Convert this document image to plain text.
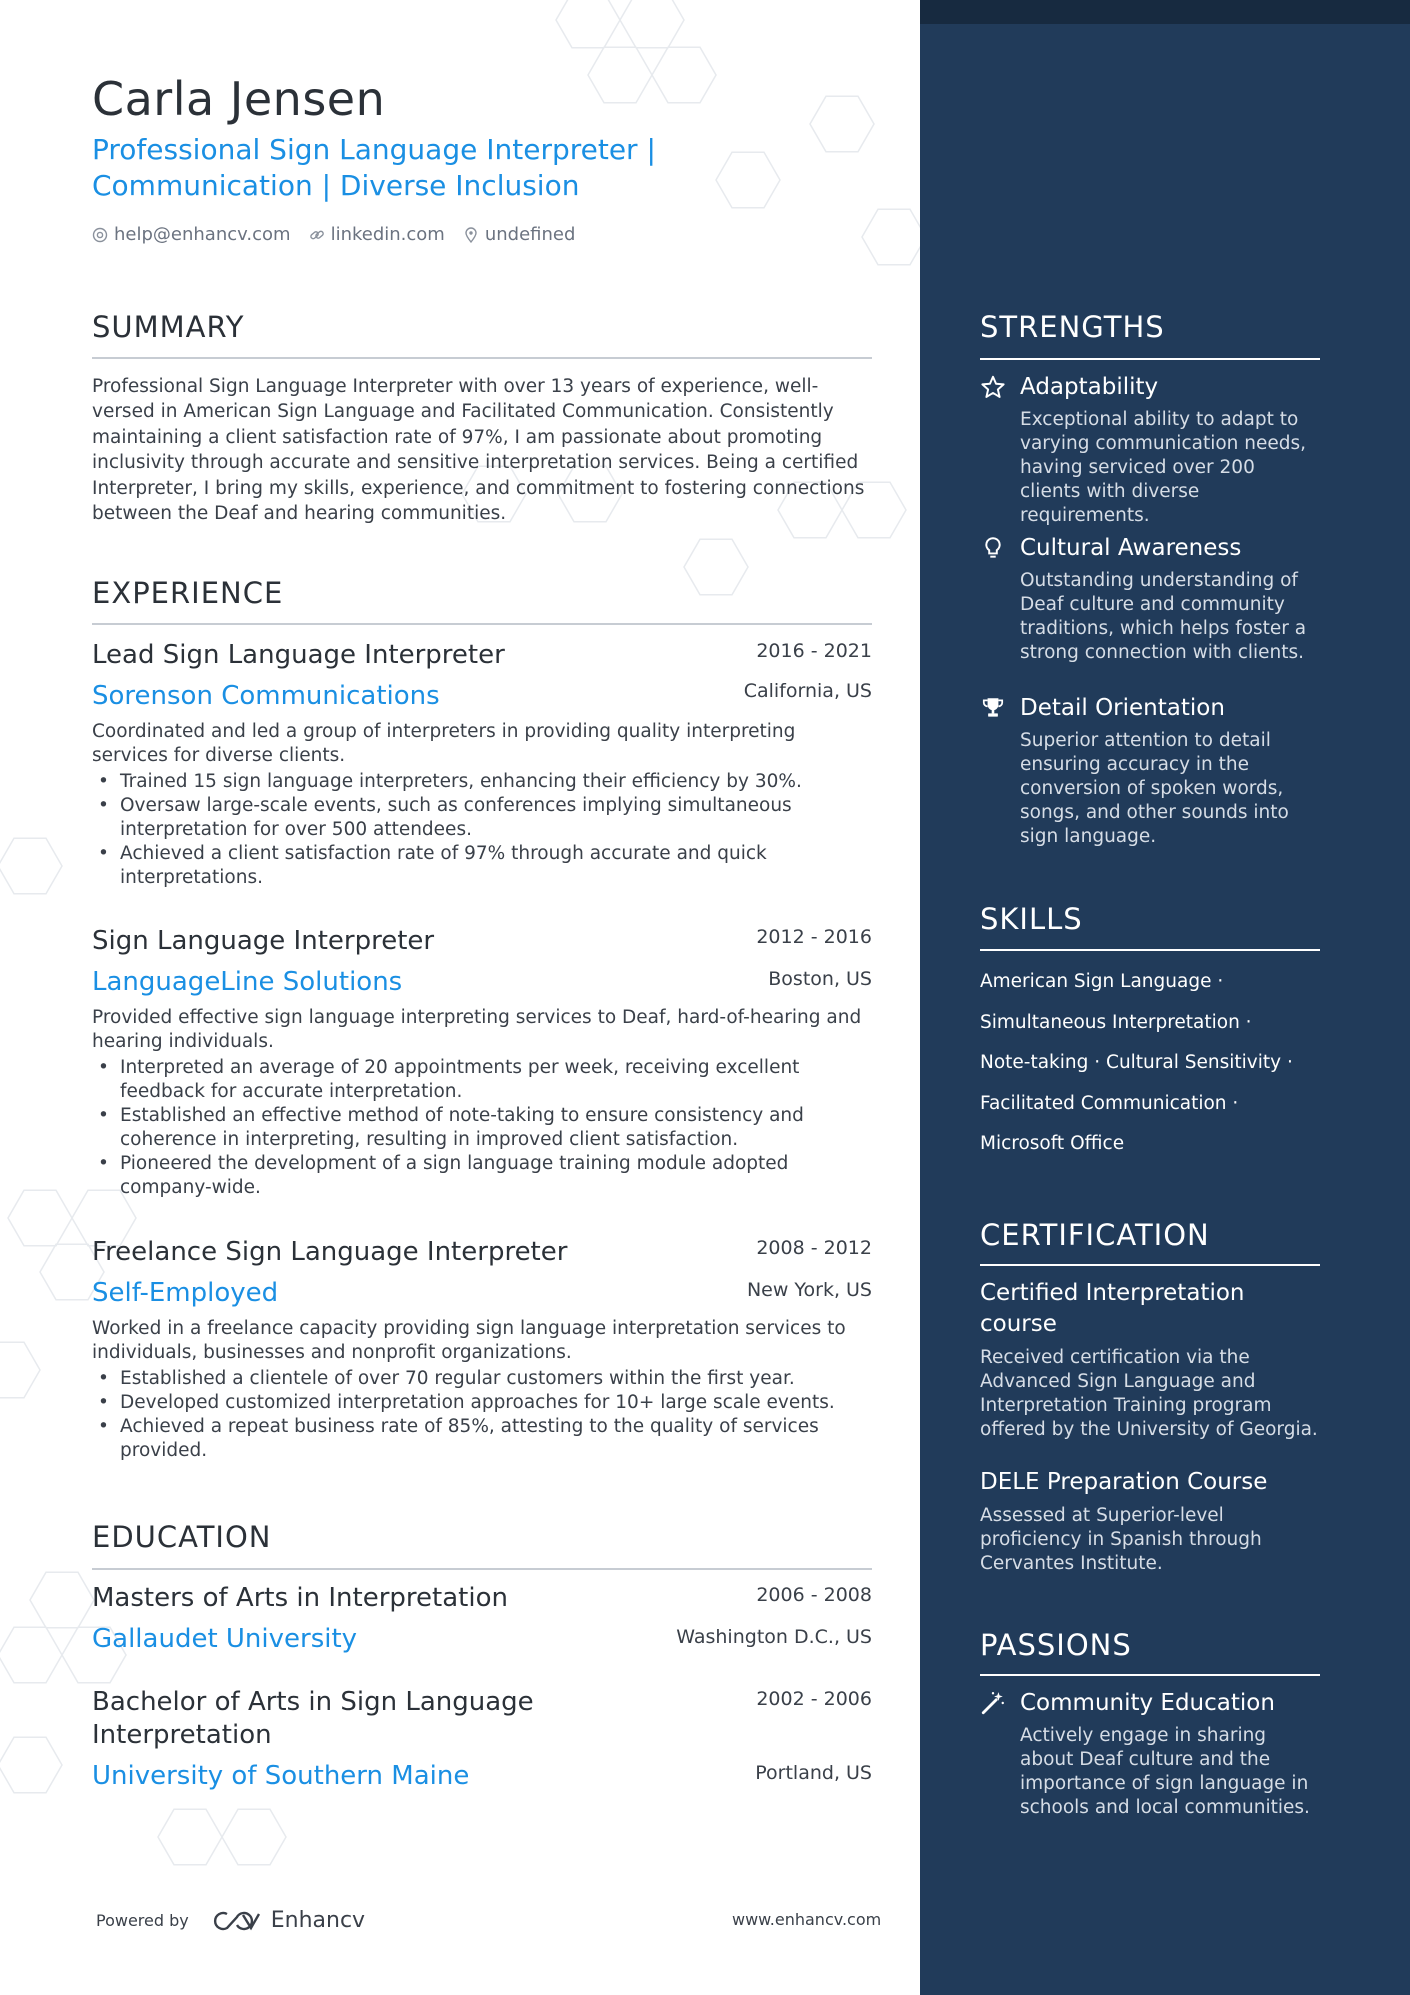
Carla Jensen
Professional Sign Language Interpreter |
Communication | Diverse Inclusion
help@enhancv.com linkedin.com undefined
SUMMARY

Professional Sign Language Interpreter with over 13 years of experience, well-versed in American Sign Language and Facilitated Communication. Consistently maintaining a client satisfaction rate of 97%, I am passionate about promoting inclusivity through accurate and sensitive interpretation services. Being a certified Interpreter, I bring my skills, experience, and commitment to fostering connections between the Deaf and hearing communities.

EXPERIENCE
Lead Sign Language Interpreter	2016 - 2021
Sorenson Communications	California, US
Coordinated and led a group of interpreters in providing quality interpreting services for diverse clients.
• Trained 15 sign language interpreters, enhancing their efficiency by 30%.
• Oversaw large-scale events, such as conferences implying simultaneous interpretation for over 500 attendees.
• Achieved a client satisfaction rate of 97% through accurate and quick interpretations.
Sign Language Interpreter	2012 - 2016
LanguageLine Solutions	Boston, US
Provided effective sign language interpreting services to Deaf, hard-of-hearing and hearing individuals.
• Interpreted an average of 20 appointments per week, receiving excellent feedback for accurate interpretation.
• Established an effective method of note-taking to ensure consistency and coherence in interpreting, resulting in improved client satisfaction.
• Pioneered the development of a sign language training module adopted company-wide.
Freelance Sign Language Interpreter	2008 - 2012
Self-Employed	New York, US
Worked in a freelance capacity providing sign language interpretation services to individuals, businesses and nonprofit organizations.
• Established a clientele of over 70 regular customers within the first year.
• Developed customized interpretation approaches for 10+ large scale events.
• Achieved a repeat business rate of 85%, attesting to the quality of services provided.
EDUCATION
Masters of Arts in Interpretation	2006 - 2008
Gallaudet University	Washington D.C., US
Bachelor of Arts in Sign Language Interpretation
2002 - 2006
University of Southern Maine	Portland, US
STRENGTHS
Adaptability
Exceptional ability to adapt to varying communication needs, having serviced over 200 clients with diverse requirements.
Cultural Awareness
Outstanding understanding of Deaf culture and community traditions, which helps foster a strong connection with clients.
Detail Orientation
Superior attention to detail ensuring accuracy in the conversion of spoken words, songs, and other sounds into sign language.
SKILLS
American Sign Language ·
Simultaneous Interpretation ·
Note-taking · Cultural Sensitivity ·
Facilitated Communication ·
Microsoft Office
CERTIFICATION
Certified Interpretation course
Received certification via the Advanced Sign Language and Interpretation Training program offered by the University of Georgia.
DELE Preparation Course
Assessed at Superior-level proficiency in Spanish through Cervantes Institute.
PASSIONS
Community Education
Actively engage in sharing about Deaf culture and the importance of sign language in schools and local communities.
Powered by	Enhancv	www.enhancv.com
